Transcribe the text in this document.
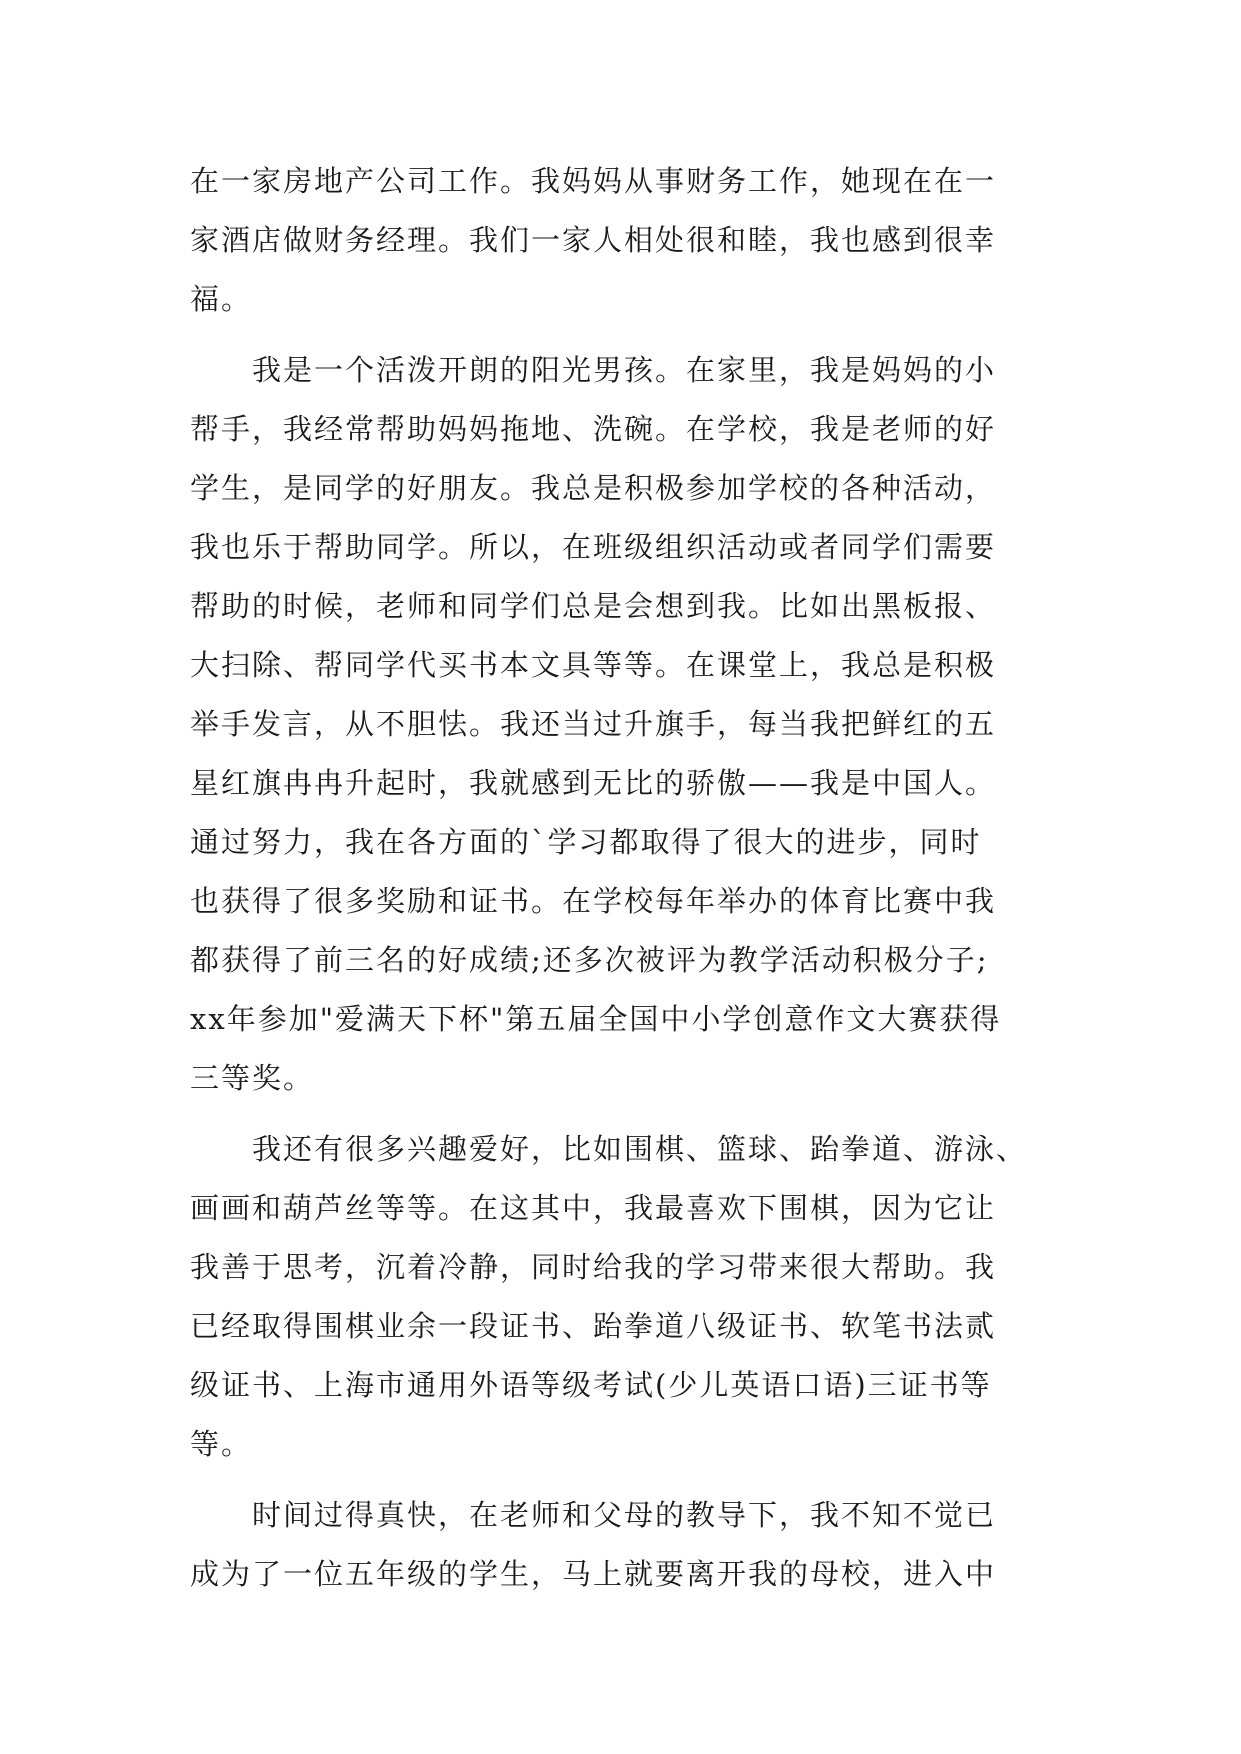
在一家房地产公司工作。我妈妈从事财务工作，她现在在一
家酒店做财务经理。我们一家人相处很和睦，我也感到很幸
福。
　　我是一个活泼开朗的阳光男孩。在家里，我是妈妈的小
帮手，我经常帮助妈妈拖地、洗碗。在学校，我是老师的好
学生，是同学的好朋友。我总是积极参加学校的各种活动，
我也乐于帮助同学。所以，在班级组织活动或者同学们需要
帮助的时候，老师和同学们总是会想到我。比如出黑板报、
大扫除、帮同学代买书本文具等等。在课堂上，我总是积极
举手发言，从不胆怯。我还当过升旗手，每当我把鲜红的五
星红旗冉冉升起时，我就感到无比的骄傲——我是中国人。
通过努力，我在各方面的`学习都取得了很大的进步，同时
也获得了很多奖励和证书。在学校每年举办的体育比赛中我
都获得了前三名的好成绩;还多次被评为教学活动积极分子;
xx年参加"爱满天下杯"第五届全国中小学创意作文大赛获得
三等奖。
　　我还有很多兴趣爱好，比如围棋、篮球、跆拳道、游泳、
画画和葫芦丝等等。在这其中，我最喜欢下围棋，因为它让
我善于思考，沉着冷静，同时给我的学习带来很大帮助。我
已经取得围棋业余一段证书、跆拳道八级证书、软笔书法贰
级证书、上海市通用外语等级考试(少儿英语口语)三证书等
等。
　　时间过得真快，在老师和父母的教导下，我不知不觉已
成为了一位五年级的学生，马上就要离开我的母校，进入中
